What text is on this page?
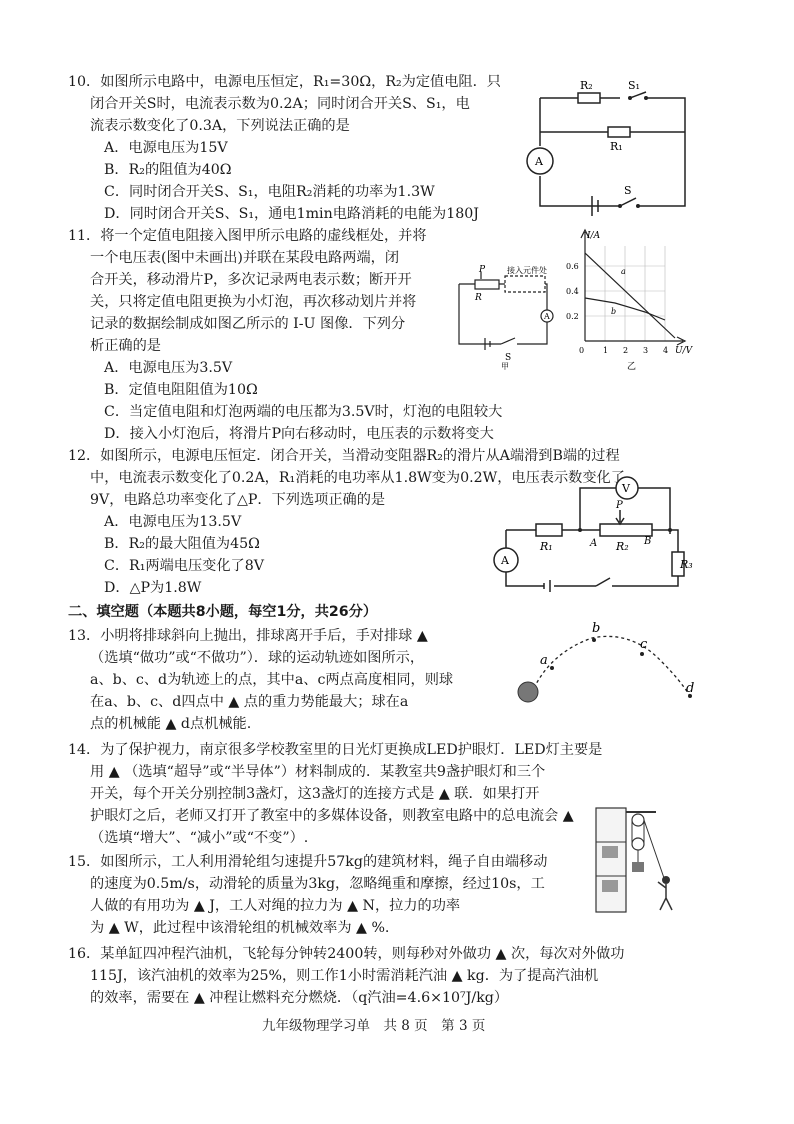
10．如图所示电路中，电源电压恒定，R₁=30Ω，R₂为定值电阻．只
闭合开关S时，电流表示数为0.2A；同时闭合开关S、S₁，电
流表示数变化了0.3A，下列说法正确的是
A．电源电压为15V
B．R₂的阻值为40Ω
C．同时闭合开关S、S₁，电阻R₂消耗的功率为1.3W
D．同时闭合开关S、S₁，通电1min电路消耗的电能为180J
R₂	S₁
R₁
A
S
11．将一个定值电阻接入图甲所示电路的虚线框处，并将
一个电压表(图中未画出)并联在某段电路两端，闭
合开关，移动滑片P，多次记录两电表示数；断开开
关，只将定值电阻更换为小灯泡，再次移动划片并将
记录的数据绘制成如图乙所示的 I-U 图像．下列分
析正确的是
A．电源电压为3.5V
B．定值电阻阻值为10Ω
C．当定值电阻和灯泡两端的电压都为3.5V时，灯泡的电阻较大
D．接入小灯泡后，将滑片P向右移动时，电压表的示数将变大
P
R
接入元件处
A
S
甲
I/A
U/V
0.6
0.4
0.2
0 1 2 3 4
a
b
乙
12．如图所示，电源电压恒定．闭合开关，当滑动变阻器R₂的滑片从A端滑到B端的过程
中，电流表示数变化了0.2A，R₁消耗的电功率从1.8W变为0.2W，电压表示数变化了
9V，电路总功率变化了△P．下列选项正确的是
A．电源电压为13.5V
B．R₂的最大阻值为45Ω
C．R₁两端电压变化了8V
D．△P为1.8W
V
P
R₁	A R₂ B
R₃
A
二、填空题（本题共8小题，每空1分，共26分）
13．小明将排球斜向上抛出，排球离开手后，手对排球 ▲
（选填“做功”或“不做功”）．球的运动轨迹如图所示，
a、b、c、d为轨迹上的点，其中a、c两点高度相同，则球
在a、b、c、d四点中 ▲ 点的重力势能最大；球在a
点的机械能 ▲ d点机械能.
a
b
c
d
14．为了保护视力，南京很多学校教室里的日光灯更换成LED护眼灯．LED灯主要是
用 ▲ （选填“超导”或“半导体”）材料制成的．某教室共9盏护眼灯和三个
开关，每个开关分别控制3盏灯，这3盏灯的连接方式是 ▲ 联．如果打开
护眼灯之后，老师又打开了教室中的多媒体设备，则教室电路中的总电流会 ▲
（选填“增大”、“减小”或“不变”）.
15．如图所示，工人利用滑轮组匀速提升57kg的建筑材料，绳子自由端移动
的速度为0.5m/s，动滑轮的质量为3kg，忽略绳重和摩擦，经过10s，工
人做的有用功为 ▲ J，工人对绳的拉力为 ▲ N，拉力的功率
为 ▲ W，此过程中该滑轮组的机械效率为 ▲ %.
16．某单缸四冲程汽油机，飞轮每分钟转2400转，则每秒对外做功 ▲ 次，每次对外做功
115J，该汽油机的效率为25%，则工作1小时需消耗汽油 ▲ kg．为了提高汽油机
的效率，需要在 ▲ 冲程让燃料充分燃烧．（q汽油=4.6×10⁷J/kg）
九年级物理学习单　共 8 页　第 3 页
